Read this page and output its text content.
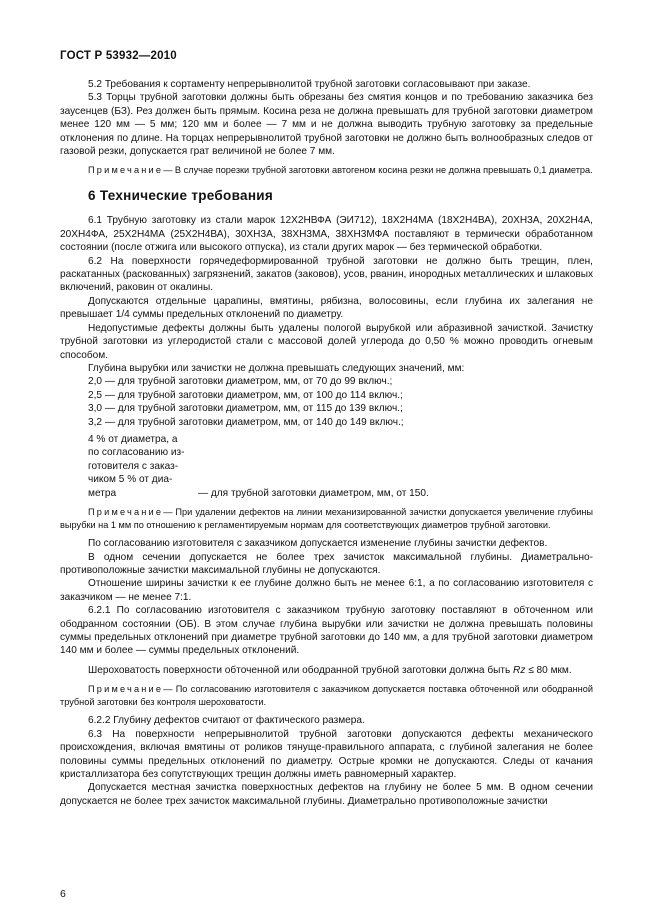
ГОСТ Р 53932—2010

5.2 Требования к сортаменту непрерывнолитой трубной заготовки согласовывают при заказе.

5.3 Торцы трубной заготовки должны быть обрезаны без смятия концов и по требованию заказчика без заусенцев (БЗ). Рез должен быть прямым. Косина реза не должна превышать для трубной заготовки диаметром менее 120 мм — 5 мм; 120 мм и более — 7 мм и не должна выводить трубную заготовку за предельные отклонения по длине. На торцах непрерывнолитой трубной заготовки не должно быть волнообразных следов от газовой резки, допускается грат величиной не более 7 мм.

Примечание— В случае порезки трубной заготовки автогеном косина резки не должна превышать 0,1 диаметра.

6 Технические требования

6.1 Трубную заготовку из стали марок 12Х2НВФА (ЭИ712), 18Х2Н4МА (18Х2Н4ВА), 20ХН3А, 20Х2Н4А, 20ХН4ФА, 25Х2Н4МА (25Х2Н4ВА), 30ХН3А, 38ХН3МА, 38ХН3МФА поставляют в термически обработанном состоянии (после отжига или высокого отпуска), из стали других марок — без термической обработки.

6.2 На поверхности горячедеформированной трубной заготовки не должно быть трещин, плен, раскатанных (раскованных) загрязнений, закатов (заковов), усов, рванин, инородных металлических и шлаковых включений, раковин от окалины.

Допускаются отдельные царапины, вмятины, рябизна, волосовины, если глубина их залегания не превышает 1/4 суммы предельных отклонений по диаметру.

Недопустимые дефекты должны быть удалены пологой вырубкой или абразивной зачисткой. Зачистку трубной заготовки из углеродистой стали с массовой долей углерода до 0,50 % можно проводить огневым способом.

Глубина вырубки или зачистки не должна превышать следующих значений, мм:

2,0 — для трубной заготовки диаметром, мм, от 70 до 99 включ.;
2,5 — для трубной заготовки диаметром, мм, от 100 до 114 включ.;
3,0 — для трубной заготовки диаметром, мм, от 115 до 139 включ.;
3,2 — для трубной заготовки диаметром, мм, от 140 до 149 включ.;
4 % от диаметра, а
по согласованию из-
готовителя с заказ-
чиком 5 % от диа-
метра	— для трубной заготовки диаметром, мм, от 150.

Примечание— При удалении дефектов на линии механизированной зачистки допускается увеличение глубины вырубки на 1 мм по отношению к регламентируемым нормам для соответствующих диаметров трубной заготовки.

По согласованию изготовителя с заказчиком допускается изменение глубины зачистки дефектов.

В одном сечении допускается не более трех зачисток максимальной глубины. Диаметрально-противоположные зачистки максимальной глубины не допускаются.

Отношение ширины зачистки к ее глубине должно быть не менее 6:1, а по согласованию изготовителя с заказчиком — не менее 7:1.

6.2.1 По согласованию изготовителя с заказчиком трубную заготовку поставляют в обточенном или ободранном состоянии (ОБ). В этом случае глубина вырубки или зачистки не должна превышать половины суммы предельных отклонений при диаметре трубной заготовки до 140 мм, а для трубной заготовки диаметром 140 мм и более — суммы предельных отклонений.

Шероховатость поверхности обточенной или ободранной трубной заготовки должна быть Rz ≤ 80 мкм.

Примечание— По согласованию изготовителя с заказчиком допускается поставка обточенной или ободранной трубной заготовки без контроля шероховатости.

6.2.2 Глубину дефектов считают от фактического размера.

6.3 На поверхности непрерывнолитой трубной заготовки допускаются дефекты механического происхождения, включая вмятины от роликов тянуще-правильного аппарата, с глубиной залегания не более половины суммы предельных отклонений по диаметру. Острые кромки не допускаются. Следы от качания кристаллизатора без сопутствующих трещин должны иметь равномерный характер.

Допускается местная зачистка поверхностных дефектов на глубину не более 5 мм. В одном сечении допускается не более трех зачисток максимальной глубины. Диаметрально противоположные зачистки

6
